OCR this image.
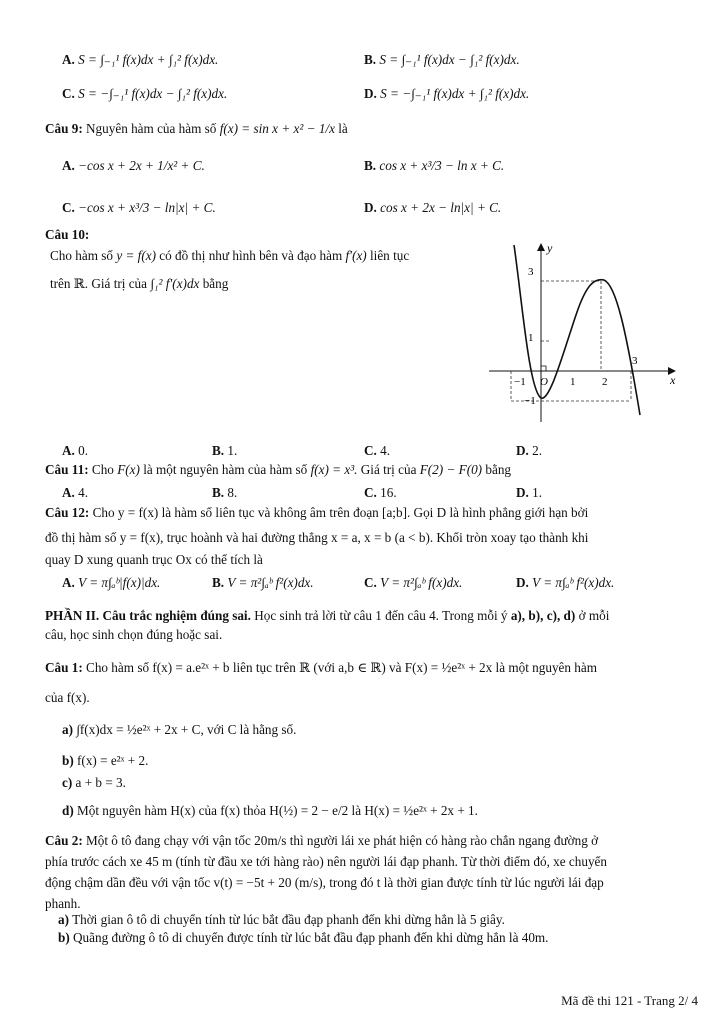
A. S = ∫₋₁¹ f(x)dx + ∫₁² f(x)dx.	B. S = ∫₋₁¹ f(x)dx − ∫₁² f(x)dx.
C. S = −∫₋₁¹ f(x)dx − ∫₁² f(x)dx.	D. S = −∫₋₁¹ f(x)dx + ∫₁² f(x)dx.
Câu 9: Nguyên hàm của hàm số f(x) = sin x + x² − 1/x là
A. −cos x + 2x + 1/x² + C.	B. cos x + x³/3 − ln x + C.
C. −cos x + x³/3 − ln|x| + C.	D. cos x + 2x − ln|x| + C.
Câu 10:
Cho hàm số y = f(x) có đồ thị như hình bên và đạo hàm f′(x) liên tục
trên ℝ. Giá trị của ∫₁² f′(x)dx bằng
y
x
O
3
1
−1
−1	1 2
3
A. 0.	B. 1.	C. 4.	D. 2.
Câu 11: Cho F(x) là một nguyên hàm của hàm số f(x) = x³. Giá trị của F(2) − F(0) bằng
A. 4.	B. 8.	C. 16.	D. 1.
Câu 12: Cho y = f(x) là hàm số liên tục và không âm trên đoạn [a;b]. Gọi D là hình phẳng giới hạn bởi
đồ thị hàm số y = f(x), trục hoành và hai đường thẳng x = a, x = b (a < b). Khối tròn xoay tạo thành khi
quay D xung quanh trục Ox có thể tích là
A. V = π∫ₐᵇ|f(x)|dx.	B. V = π²∫ₐᵇ f²(x)dx.	C. V = π²∫ₐᵇ f(x)dx.	D. V = π∫ₐᵇ f²(x)dx.
PHẦN II. Câu trắc nghiệm đúng sai. Học sinh trả lời từ câu 1 đến câu 4. Trong mỗi ý a), b), c), d) ở mỗi
câu, học sinh chọn đúng hoặc sai.
Câu 1: Cho hàm số f(x) = a.e²ˣ + b liên tục trên ℝ (với a,b ∈ ℝ) và F(x) = ½e²ˣ + 2x là một nguyên hàm
của f(x).
a) ∫f(x)dx = ½e²ˣ + 2x + C, với C là hằng số.
b) f(x) = e²ˣ + 2.
c) a + b = 3.
d) Một nguyên hàm H(x) của f(x) thỏa H(½) = 2 − e/2 là H(x) = ½e²ˣ + 2x + 1.
Câu 2: Một ô tô đang chạy với vận tốc 20m/s thì người lái xe phát hiện có hàng rào chắn ngang đường ở
phía trước cách xe 45 m (tính từ đầu xe tới hàng rào) nên người lái đạp phanh. Từ thời điểm đó, xe chuyển
động chậm dần đều với vận tốc v(t) = −5t + 20 (m/s), trong đó t là thời gian được tính từ lúc người lái đạp
phanh.
a) Thời gian ô tô di chuyển tính từ lúc bắt đầu đạp phanh đến khi dừng hẳn là 5 giây.
b) Quãng đường ô tô di chuyển được tính từ lúc bắt đầu đạp phanh đến khi dừng hẳn là 40m.
Mã đề thi 121 - Trang 2/ 4
